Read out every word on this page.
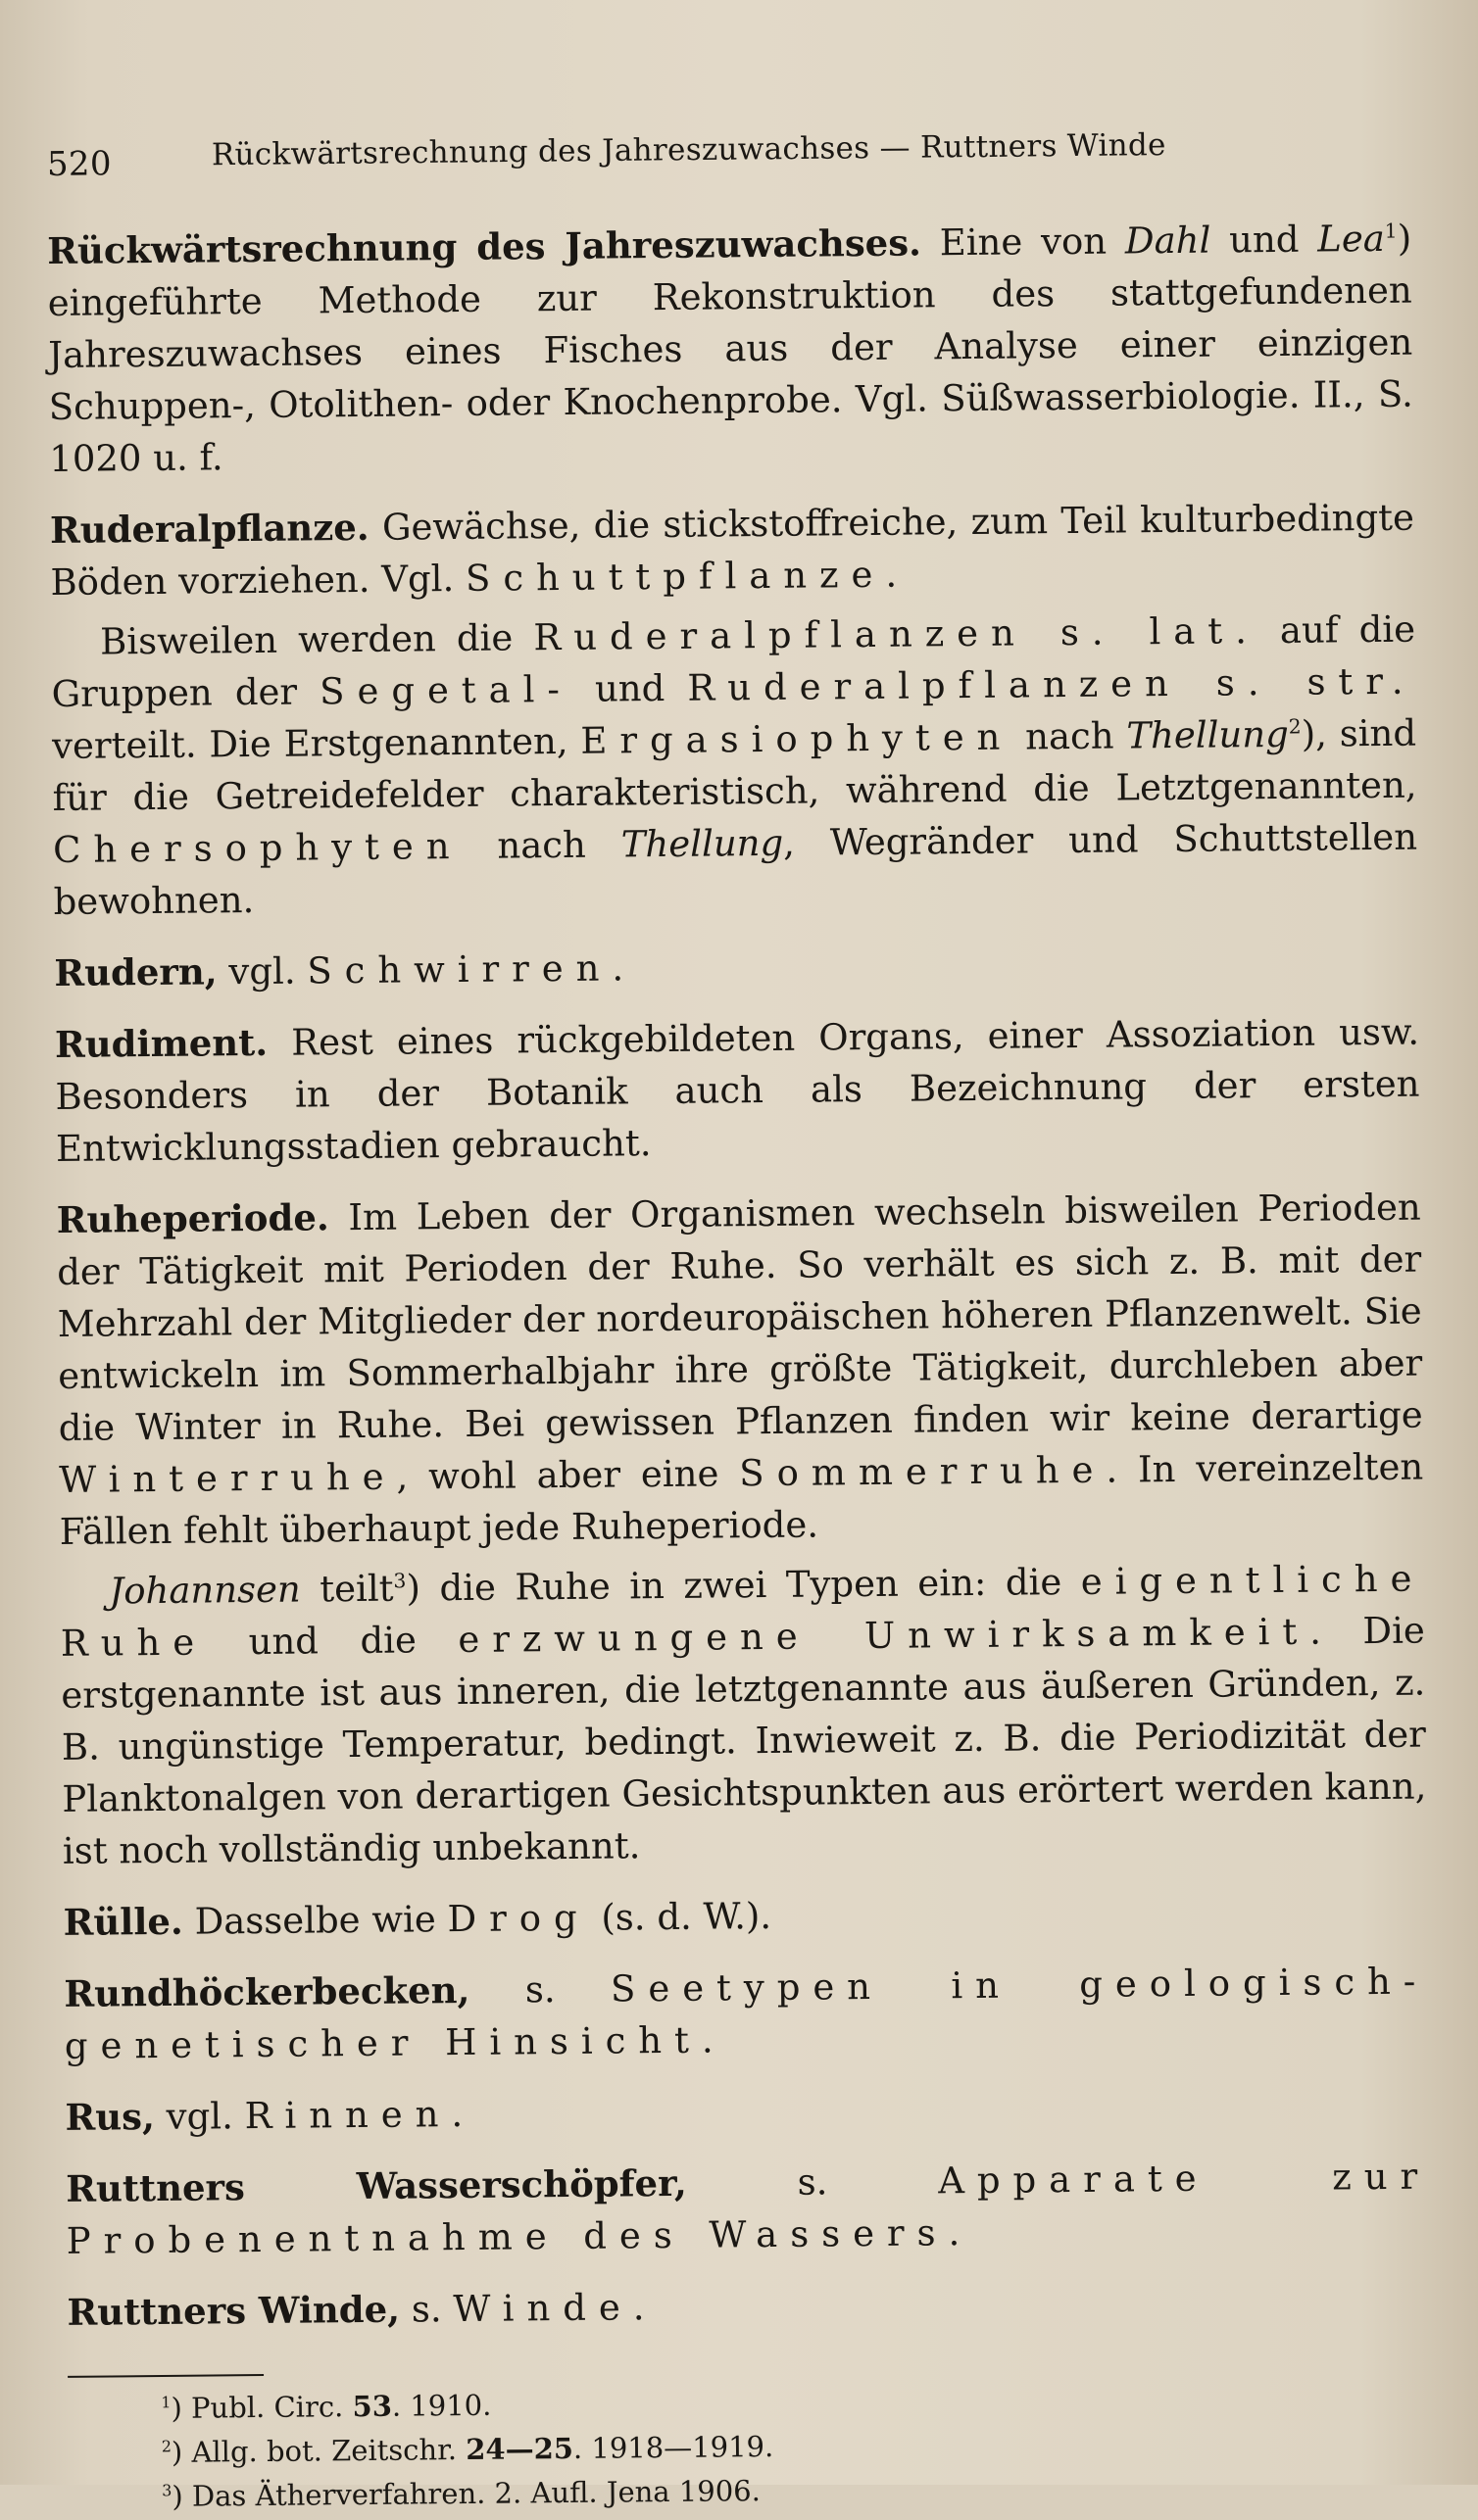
520	Rückwärtsrechnung des Jahreszuwachses — Ruttners Winde

Rückwärtsrechnung des Jahreszuwachses. Eine von Dahl und Lea$^1$) eingeführte Methode zur Rekonstruktion des stattgefundenen Jahreszuwachses eines Fisches aus der Analyse einer einzigen Schuppen-, Otolithen- oder Knochenprobe. Vgl. Süßwasserbiologie. II., S. 1020 u. f.

Ruderalpflanze. Gewächse, die stickstoffreiche, zum Teil kulturbedingte Böden vorziehen. Vgl. Schuttpflanze.

Bisweilen werden die Ruderalpflanzen s. lat. auf die Gruppen der Segetal- und Ruderalpflanzen s. str. verteilt. Die Erstgenannten, Ergasiophyten nach Thellung$^2$), sind für die Getreidefelder charakteristisch, während die Letztgenannten, Chersophyten nach Thellung, Wegränder und Schuttstellen bewohnen.

Rudern, vgl. Schwirren.

Rudiment. Rest eines rückgebildeten Organs, einer Assoziation usw. Besonders in der Botanik auch als Bezeichnung der ersten Entwicklungsstadien gebraucht.

Ruheperiode. Im Leben der Organismen wechseln bisweilen Perioden der Tätigkeit mit Perioden der Ruhe. So verhält es sich z. B. mit der Mehrzahl der Mitglieder der nordeuropäischen höheren Pflanzenwelt. Sie entwickeln im Sommerhalbjahr ihre größte Tätigkeit, durchleben aber die Winter in Ruhe. Bei gewissen Pflanzen finden wir keine derartige Winterruhe, wohl aber eine Sommerruhe. In vereinzelten Fällen fehlt überhaupt jede Ruheperiode.

Johannsen teilt$^3$) die Ruhe in zwei Typen ein: die eigentliche Ruhe und die erzwungene Unwirksamkeit. Die erstgenannte ist aus inneren, die letztgenannte aus äußeren Gründen, z. B. ungünstige Temperatur, bedingt. Inwieweit z. B. die Periodizität der Planktonalgen von derartigen Gesichtspunkten aus erörtert werden kann, ist noch vollständig unbekannt.

Rülle. Dasselbe wie Drog (s. d. W.).

Rundhöckerbecken, s. Seetypen in geologisch-genetischer Hinsicht.

Rus, vgl. Rinnen.

Ruttners Wasserschöpfer, s. Apparate zur Probenentnahme des Wassers.

Ruttners Winde, s. Winde.

$^1$) Publ. Circ. 53. 1910.
$^2$) Allg. bot. Zeitschr. 24—25. 1918—1919.
$^3$) Das Ätherverfahren. 2. Aufl. Jena 1906.
